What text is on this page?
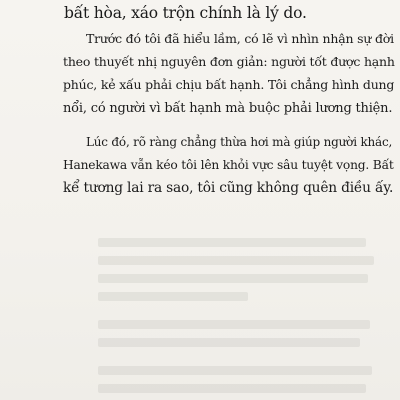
bất hòa, xáo trộn chính là lý do.
Trước đó tôi đã hiểu lầm, có lẽ vì nhìn nhận sự đời
theo thuyết nhị nguyên đơn giản: người tốt được hạnh
phúc, kẻ xấu phải chịu bất hạnh. Tôi chẳng hình dung
nổi, có người vì bất hạnh mà buộc phải lương thiện.
Lúc đó, rõ ràng chẳng thừa hơi mà giúp người khác,
Hanekawa vẫn kéo tôi lên khỏi vực sâu tuyệt vọng. Bất
kể tương lai ra sao, tôi cũng không quên điều ấy.
